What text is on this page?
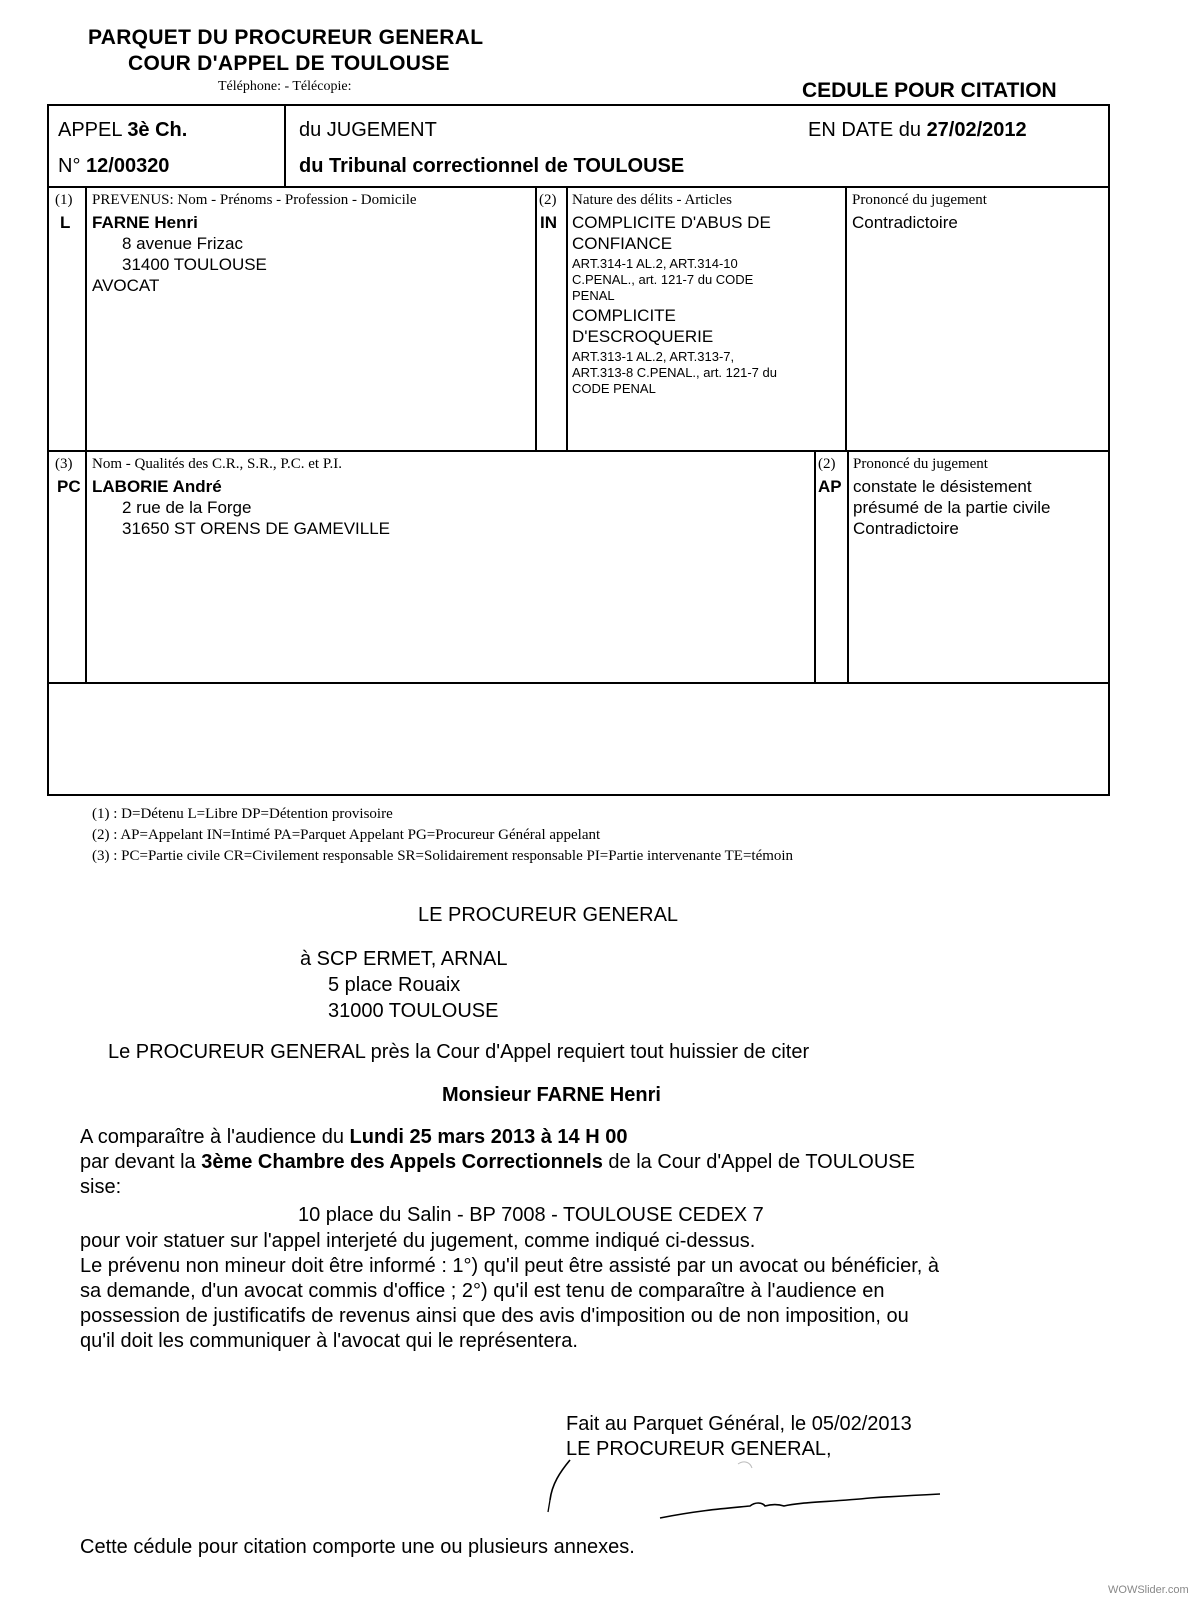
PARQUET DU PROCUREUR GENERAL
COUR D'APPEL DE TOULOUSE
Téléphone: - Télécopie:	CEDULE POUR CITATION
APPEL 3è Ch.
N° 12/00320
du JUGEMENT
du Tribunal correctionnel de TOULOUSE
EN DATE du 27/02/2012
(1)
L
PREVENUS: Nom - Prénoms - Profession - Domicile
FARNE Henri
8 avenue Frizac
31400 TOULOUSE
AVOCAT
(2)
IN
Nature des délits - Articles
COMPLICITE D'ABUS DE
CONFIANCE
ART.314-1 AL.2, ART.314-10
C.PENAL., art. 121-7 du CODE
PENAL
COMPLICITE
D'ESCROQUERIE
ART.313-1 AL.2, ART.313-7,
ART.313-8 C.PENAL., art. 121-7 du
CODE PENAL
Prononcé du jugement
Contradictoire
(3)
PC
Nom - Qualités des C.R., S.R., P.C. et P.I.
LABORIE André
2 rue de la Forge
31650 ST ORENS DE GAMEVILLE
(2)
AP
Prononcé du jugement
constate le désistement
présumé de la partie civile
Contradictoire
(1) : D=Détenu L=Libre DP=Détention provisoire
(2) : AP=Appelant IN=Intimé PA=Parquet Appelant PG=Procureur Général appelant
(3) : PC=Partie civile CR=Civilement responsable SR=Solidairement responsable PI=Partie intervenante TE=témoin
LE PROCUREUR GENERAL
à SCP ERMET, ARNAL
5 place Rouaix
31000 TOULOUSE
Le PROCUREUR GENERAL près la Cour d'Appel requiert tout huissier de citer
Monsieur FARNE Henri
A comparaître à l'audience du Lundi 25 mars 2013 à 14 H 00
par devant la 3ème Chambre des Appels Correctionnels de la Cour d'Appel de TOULOUSE
sise:
10 place du Salin - BP 7008 - TOULOUSE CEDEX 7
pour voir statuer sur l'appel interjeté du jugement, comme indiqué ci-dessus.
Le prévenu non mineur doit être informé : 1°) qu'il peut être assisté par un avocat ou bénéficier, à
sa demande, d'un avocat commis d'office ; 2°) qu'il est tenu de comparaître à l'audience en
possession de justificatifs de revenus ainsi que des avis d'imposition ou de non imposition, ou
qu'il doit les communiquer à l'avocat qui le représentera.
Fait au Parquet Général, le 05/02/2013
LE PROCUREUR GENERAL,
Cette cédule pour citation comporte une ou plusieurs annexes.
WOWSlider.com
